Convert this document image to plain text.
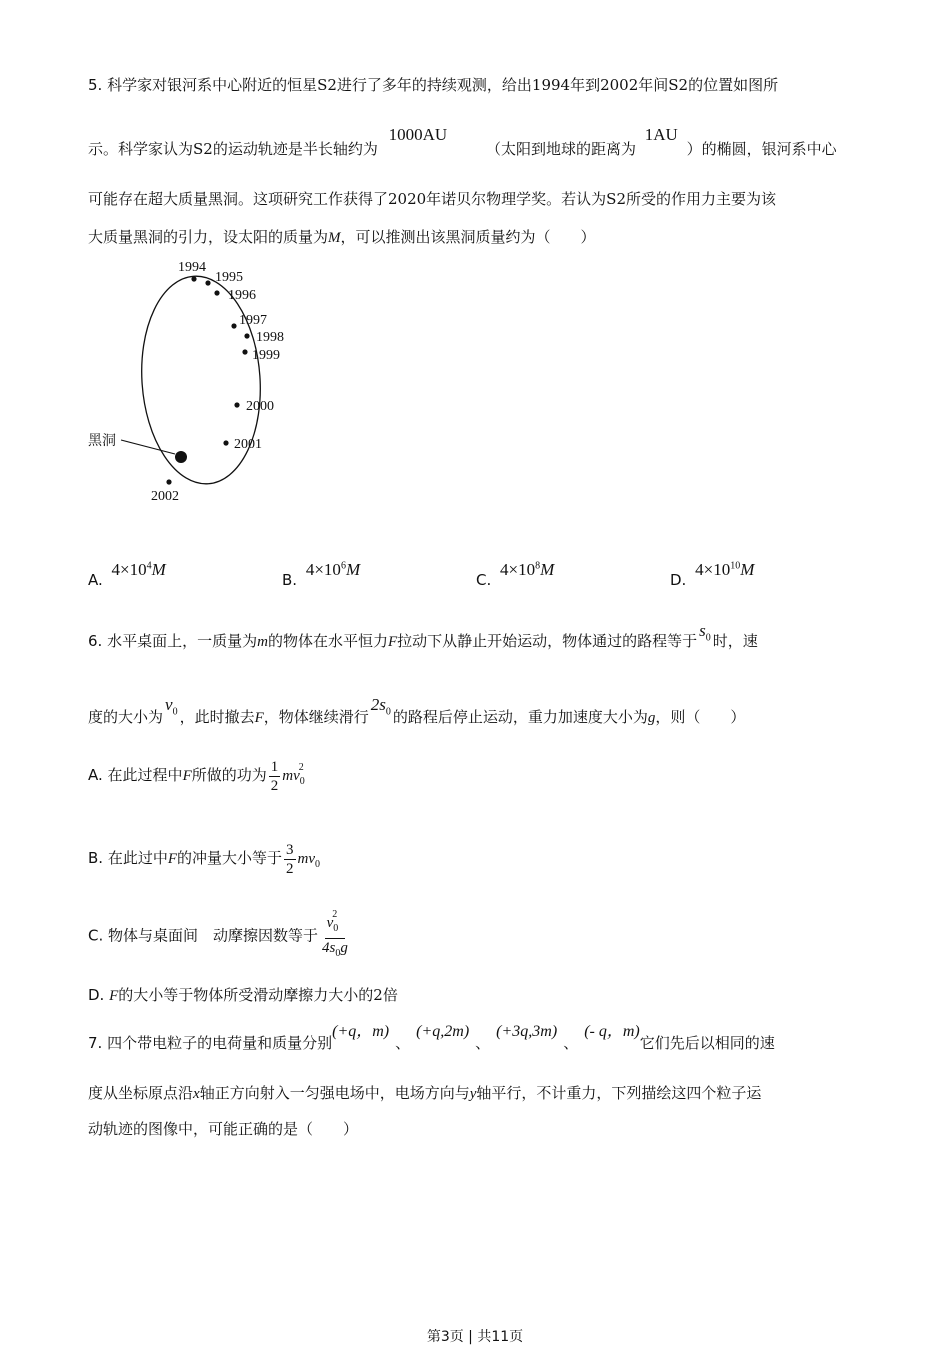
5. 科学家对银河系中心附近的恒星S2进行了多年的持续观测，给出1994年到2002年间S2的位置如图所
示。科学家认为S2的运动轨迹是半长轴约为 1000AU （太阳到地球的距离为 1AU ）的椭圆，银河系中心
可能存在超大质量黑洞。这项研究工作获得了2020年诺贝尔物理学奖。若认为S2所受的作用力主要为该
大质量黑洞的引力，设太阳的质量为M，可以推测出该黑洞质量约为（　　）
黑洞
1994
1995
1996
1997
1998
1999
2000
2001
2002
A. $4\times 10^4M$
B. $4\times 10^6M$
C. $4\times 10^8M$
D. $4\times 10^{10}M$
6. 水平桌面上，一质量为m的物体在水平恒力F拉动下从静止开始运动，物体通过的路程等于$s_0$ 时，速
度的大小为$v_0$ ，此时撤去F，物体继续滑行$2s_0$ 的路程后停止运动，重力加速度大小为g，则（　　）
A. 在此过程中F所做的功为 $\frac{1}{2} mv_0^2$
B. 在此过中F的冲量大小等于 $\frac{3}{2} mv_0$
C. 物体与桌面间　动摩擦因数等于 $\frac{v_0^2}{4s_0g}$
D. F的大小等于物体所受滑动摩擦力大小的2倍
7. 四个带电粒子的电荷量和质量分别(+q，m)、(+q,2m)、(+3q,3m)、(- q，m)它们先后以相同的速
度从坐标原点沿x轴正方向射入一匀强电场中，电场方向与y轴平行，不计重力，下列描绘这四个粒子运
动轨迹的图像中，可能正确的是（　　）
第3页 | 共11页
